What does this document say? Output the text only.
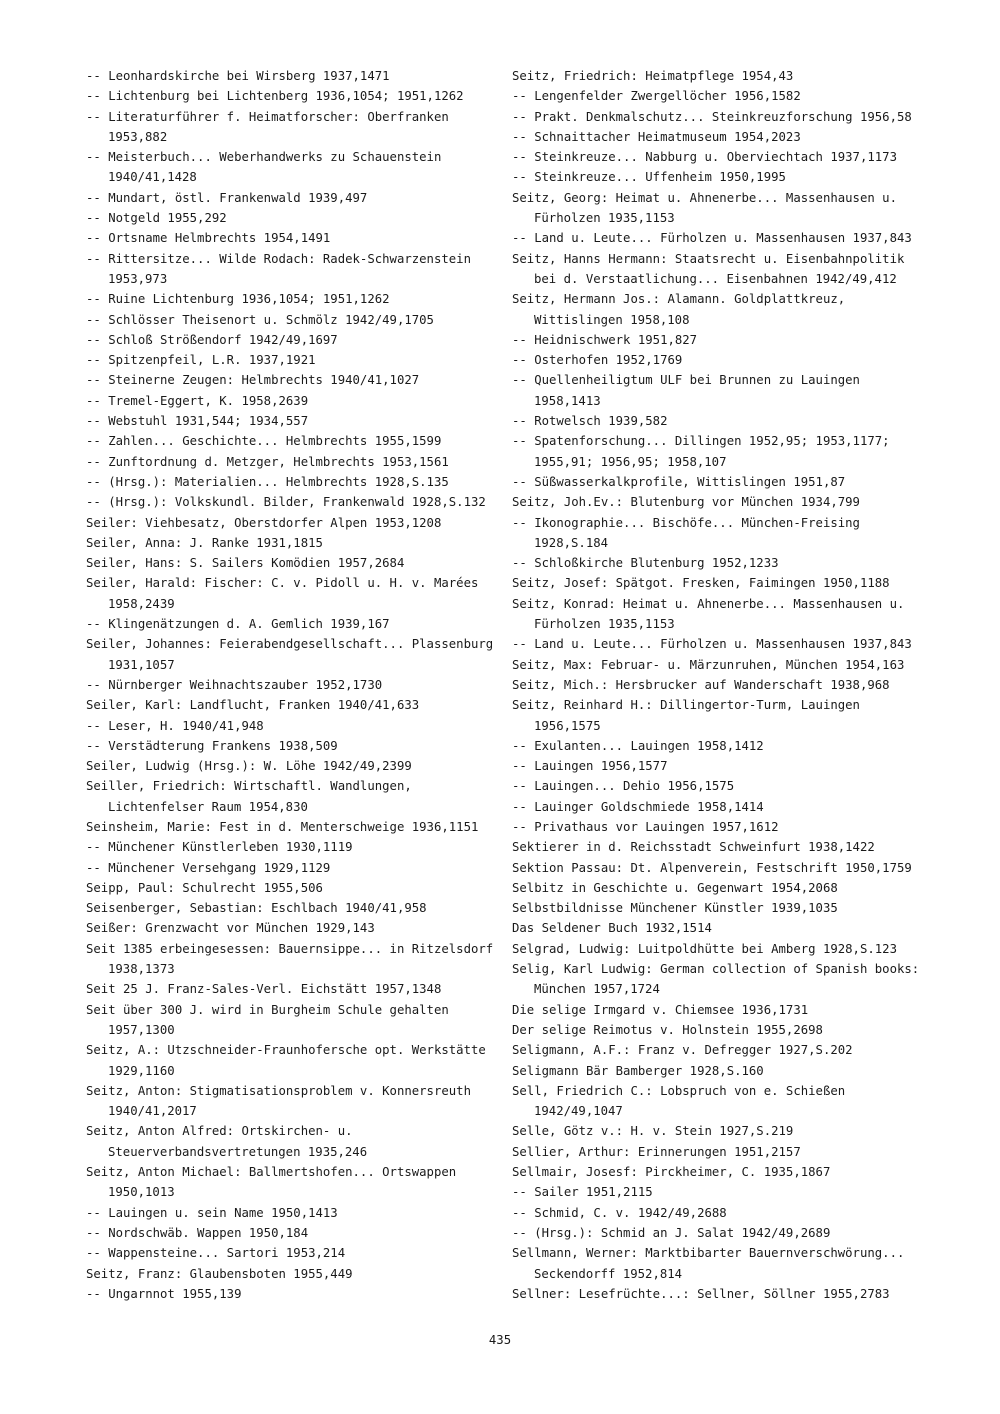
-- Leonhardskirche bei Wirsberg 1937,1471
-- Lichtenburg bei Lichtenberg 1936,1054; 1951,1262
-- Literaturführer f. Heimatforscher: Oberfranken 1953,882
-- Meisterbuch... Weberhandwerks zu Schauenstein 1940/41,1428
-- Mundart, östl. Frankenwald 1939,497
-- Notgeld 1955,292
-- Ortsname Helmbrechts 1954,1491
-- Rittersitze... Wilde Rodach: Radek-Schwarzenstein 1953,973
-- Ruine Lichtenburg 1936,1054; 1951,1262
-- Schlösser Theisenort u. Schmölz 1942/49,1705
-- Schloß Strößendorf 1942/49,1697
-- Spitzenpfeil, L.R. 1937,1921
-- Steinerne Zeugen: Helmbrechts 1940/41,1027
-- Tremel-Eggert, K. 1958,2639
-- Webstuhl 1931,544; 1934,557
-- Zahlen... Geschichte... Helmbrechts 1955,1599
-- Zunftordnung d. Metzger, Helmbrechts 1953,1561
-- (Hrsg.): Materialien... Helmbrechts 1928,S.135
-- (Hrsg.): Volkskundl. Bilder, Frankenwald 1928,S.132
Seiler: Viehbesatz, Oberstdorfer Alpen 1953,1208
Seiler, Anna: J. Ranke 1931,1815
Seiler, Hans: S. Sailers Komödien 1957,2684
Seiler, Harald: Fischer: C. v. Pidoll u. H. v. Marées 1958,2439
-- Klingenätzungen d. A. Gemlich 1939,167
Seiler, Johannes: Feierabendgesellschaft... Plassenburg 1931,1057
-- Nürnberger Weihnachtszauber 1952,1730
Seiler, Karl: Landflucht, Franken 1940/41,633
-- Leser, H. 1940/41,948
-- Verstädterung Frankens 1938,509
Seiler, Ludwig (Hrsg.): W. Löhe 1942/49,2399
Seiller, Friedrich: Wirtschaftl. Wandlungen, Lichtenfelser Raum 1954,830
Seinsheim, Marie: Fest in d. Menterschweige 1936,1151
-- Münchener Künstlerleben 1930,1119
-- Münchener Versehgang 1929,1129
Seipp, Paul: Schulrecht 1955,506
Seisenberger, Sebastian: Eschlbach 1940/41,958
Seißer: Grenzwacht vor München 1929,143
Seit 1385 erbeingesessen: Bauernsippe... in Ritzelsdorf 1938,1373
Seit 25 J. Franz-Sales-Verl. Eichstätt 1957,1348
Seit über 300 J. wird in Burgheim Schule gehalten 1957,1300
Seitz, A.: Utzschneider-Fraunhofersche opt. Werkstätte 1929,1160
Seitz, Anton: Stigmatisationsproblem v. Konnersreuth 1940/41,2017
Seitz, Anton Alfred: Ortskirchen- u. Steuerverbandsvertretungen 1935,246
Seitz, Anton Michael: Ballmertshofen... Ortswappen 1950,1013
-- Lauingen u. sein Name 1950,1413
-- Nordschwäb. Wappen 1950,184
-- Wappensteine... Sartori 1953,214
Seitz, Franz: Glaubensboten 1955,449
-- Ungarnnot 1955,139
Seitz, Friedrich: Heimatpflege 1954,43
-- Lengenfelder Zwergellöcher 1956,1582
-- Prakt. Denkmalschutz... Steinkreuzforschung 1956,58
-- Schnaittacher Heimatmuseum 1954,2023
-- Steinkreuze... Nabburg u. Oberviechtach 1937,1173
-- Steinkreuze... Uffenheim 1950,1995
Seitz, Georg: Heimat u. Ahnenerbe... Massenhausen u. Fürholzen 1935,1153
-- Land u. Leute... Fürholzen u. Massenhausen 1937,843
Seitz, Hanns Hermann: Staatsrecht u. Eisenbahnpolitik bei d. Verstaatlichung... Eisenbahnen 1942/49,412
Seitz, Hermann Jos.: Alamann. Goldplattkreuz, Wittislingen 1958,108
-- Heidnischwerk 1951,827
-- Osterhofen 1952,1769
-- Quellenheiligtum ULF bei Brunnen zu Lauingen 1958,1413
-- Rotwelsch 1939,582
-- Spatenforschung... Dillingen 1952,95; 1953,1177; 1955,91; 1956,95; 1958,107
-- Süßwasserkalkprofile, Wittislingen 1951,87
Seitz, Joh.Ev.: Blutenburg vor München 1934,799
-- Ikonographie... Bischöfe... München-Freising 1928,S.184
-- Schloßkirche Blutenburg 1952,1233
Seitz, Josef: Spätgot. Fresken, Faimingen 1950,1188
Seitz, Konrad: Heimat u. Ahnenerbe... Massenhausen u. Fürholzen 1935,1153
-- Land u. Leute... Fürholzen u. Massenhausen 1937,843
Seitz, Max: Februar- u. Märzunruhen, München 1954,163
Seitz, Mich.: Hersbrucker auf Wanderschaft 1938,968
Seitz, Reinhard H.: Dillingertor-Turm, Lauingen 1956,1575
-- Exulanten... Lauingen 1958,1412
-- Lauingen 1956,1577
-- Lauingen... Dehio 1956,1575
-- Lauinger Goldschmiede 1958,1414
-- Privathaus vor Lauingen 1957,1612
Sektierer in d. Reichsstadt Schweinfurt 1938,1422
Sektion Passau: Dt. Alpenverein, Festschrift 1950,1759
Selbitz in Geschichte u. Gegenwart 1954,2068
Selbstbildnisse Münchener Künstler 1939,1035
Das Seldener Buch 1932,1514
Selgrad, Ludwig: Luitpoldhütte bei Amberg 1928,S.123
Selig, Karl Ludwig: German collection of Spanish books: München 1957,1724
Die selige Irmgard v. Chiemsee 1936,1731
Der selige Reimotus v. Holnstein 1955,2698
Seligmann, A.F.: Franz v. Defregger 1927,S.202
Seligmann Bär Bamberger 1928,S.160
Sell, Friedrich C.: Lobspruch von e. Schießen 1942/49,1047
Selle, Götz v.: H. v. Stein 1927,S.219
Sellier, Arthur: Erinnerungen 1951,2157
Sellmair, Josesf: Pirckheimer, C. 1935,1867
-- Sailer 1951,2115
-- Schmid, C. v. 1942/49,2688
-- (Hrsg.): Schmid an J. Salat 1942/49,2689
Sellmann, Werner: Marktbibarter Bauernverschwörung... Seckendorff 1952,814
Sellner: Lesefrüchte...: Sellner, Söllner 1955,2783
435
